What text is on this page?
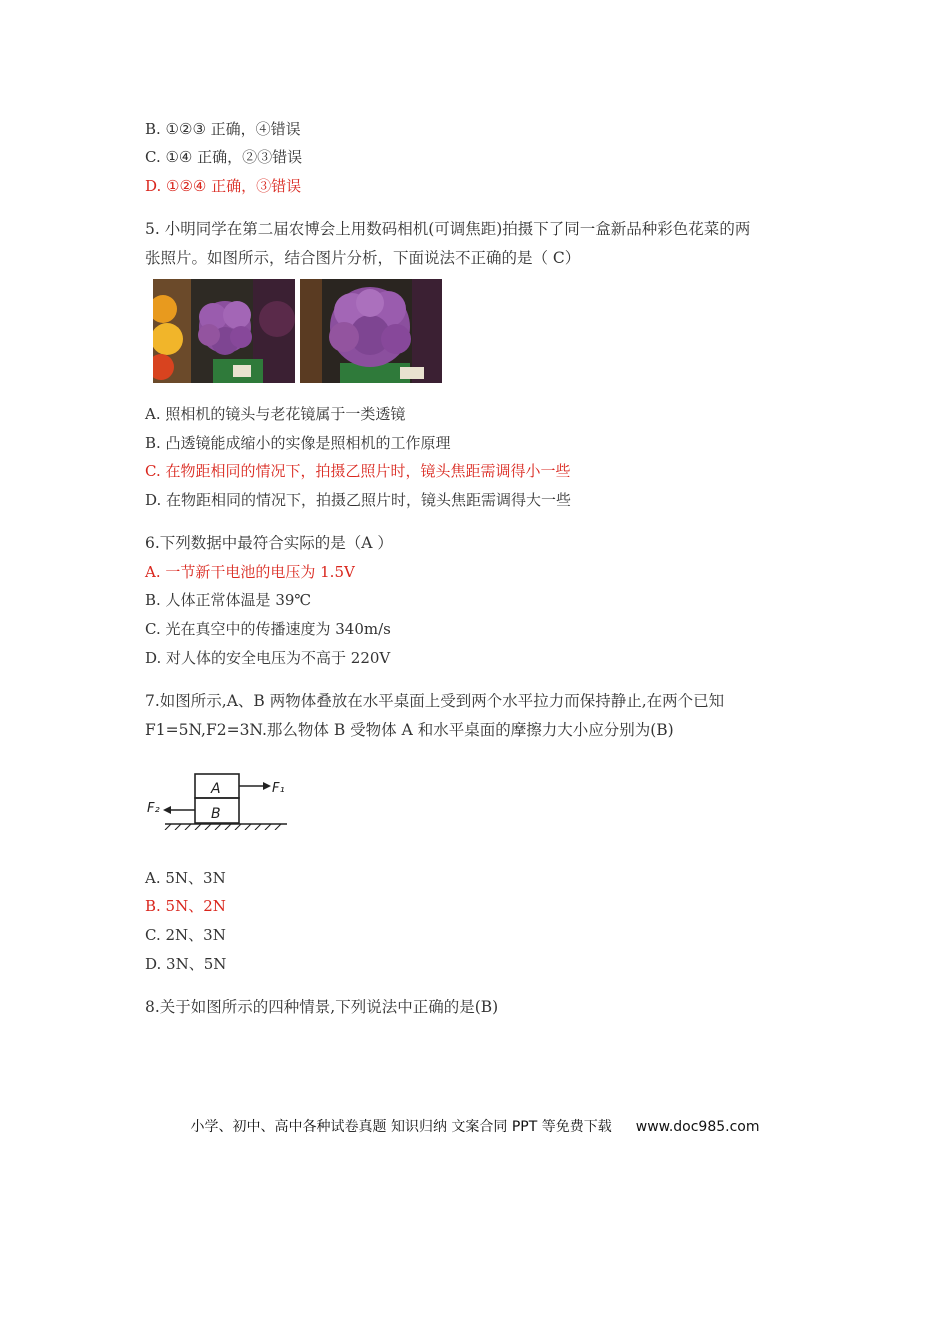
B. ①②③ 正确，④错误
C. ①④ 正确，②③错误
D. ①②④ 正确，③错误
5. 小明同学在第二届农博会上用数码相机(可调焦距)拍摄下了同一盒新品种彩色花菜的两
张照片。如图所示，结合图片分析，下面说法不正确的是（ C）
A. 照相机的镜头与老花镜属于一类透镜
B. 凸透镜能成缩小的实像是照相机的工作原理
C. 在物距相同的情况下，拍摄乙照片时，镜头焦距需调得小一些
D. 在物距相同的情况下，拍摄乙照片时，镜头焦距需调得大一些
6.下列数据中最符合实际的是（A ）
A. 一节新干电池的电压为 1.5V
B. 人体正常体温是 39℃
C. 光在真空中的传播速度为 340m/s
D. 对人体的安全电压为不高于 220V
7.如图所示,A、B 两物体叠放在水平桌面上受到两个水平拉力而保持静止,在两个已知
F1=5N,F2=3N.那么物体 B 受物体 A 和水平桌面的摩擦力大小应分别为(B)
A
B
F₁
F₂
A. 5N、3N
B. 5N、2N
C. 2N、3N
D. 3N、5N
8.关于如图所示的四种情景,下列说法中正确的是(B)
小学、初中、高中各种试卷真题 知识归纳 文案合同 PPT 等免费下载 www.doc985.com
